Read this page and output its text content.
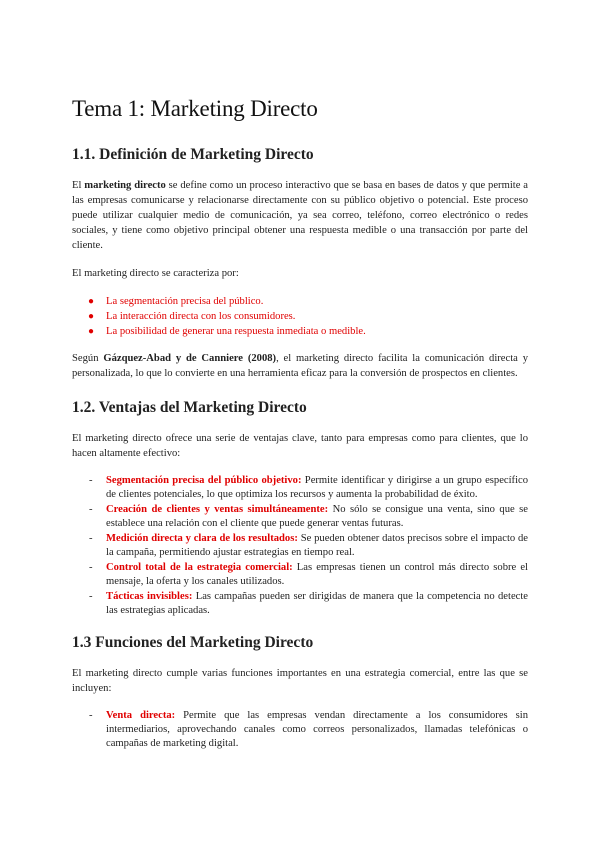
Tema 1: Marketing Directo
1.1. Definición de Marketing Directo

El marketing directo se define como un proceso interactivo que se basa en bases de datos y que permite a las empresas comunicarse y relacionarse directamente con su público objetivo o potencial. Este proceso puede utilizar cualquier medio de comunicación, ya sea correo, teléfono, correo electrónico o redes sociales, y tiene como objetivo principal obtener una respuesta medible o una transacción por parte del cliente.

El marketing directo se caracteriza por:

● La segmentación precisa del público.
● La interacción directa con los consumidores.
● La posibilidad de generar una respuesta inmediata o medible.

Según Gázquez-Abad y de Canniere (2008), el marketing directo facilita la comunicación directa y personalizada, lo que lo convierte en una herramienta eficaz para la conversión de prospectos en clientes.

1.2. Ventajas del Marketing Directo

El marketing directo ofrece una serie de ventajas clave, tanto para empresas como para clientes, que lo hacen altamente efectivo:

- Segmentación precisa del público objetivo: Permite identificar y dirigirse a un grupo específico de clientes potenciales, lo que optimiza los recursos y aumenta la probabilidad de éxito.
- Creación de clientes y ventas simultáneamente: No sólo se consigue una venta, sino que se establece una relación con el cliente que puede generar ventas futuras.
- Medición directa y clara de los resultados: Se pueden obtener datos precisos sobre el impacto de la campaña, permitiendo ajustar estrategias en tiempo real.
- Control total de la estrategia comercial: Las empresas tienen un control más directo sobre el mensaje, la oferta y los canales utilizados.
- Tácticas invisibles: Las campañas pueden ser dirigidas de manera que la competencia no detecte las estrategias aplicadas.
1.3 Funciones del Marketing Directo

El marketing directo cumple varias funciones importantes en una estrategia comercial, entre las que se incluyen:

- Venta directa: Permite que las empresas vendan directamente a los consumidores sin intermediarios, aprovechando canales como correos personalizados, llamadas telefónicas o campañas de marketing digital.
